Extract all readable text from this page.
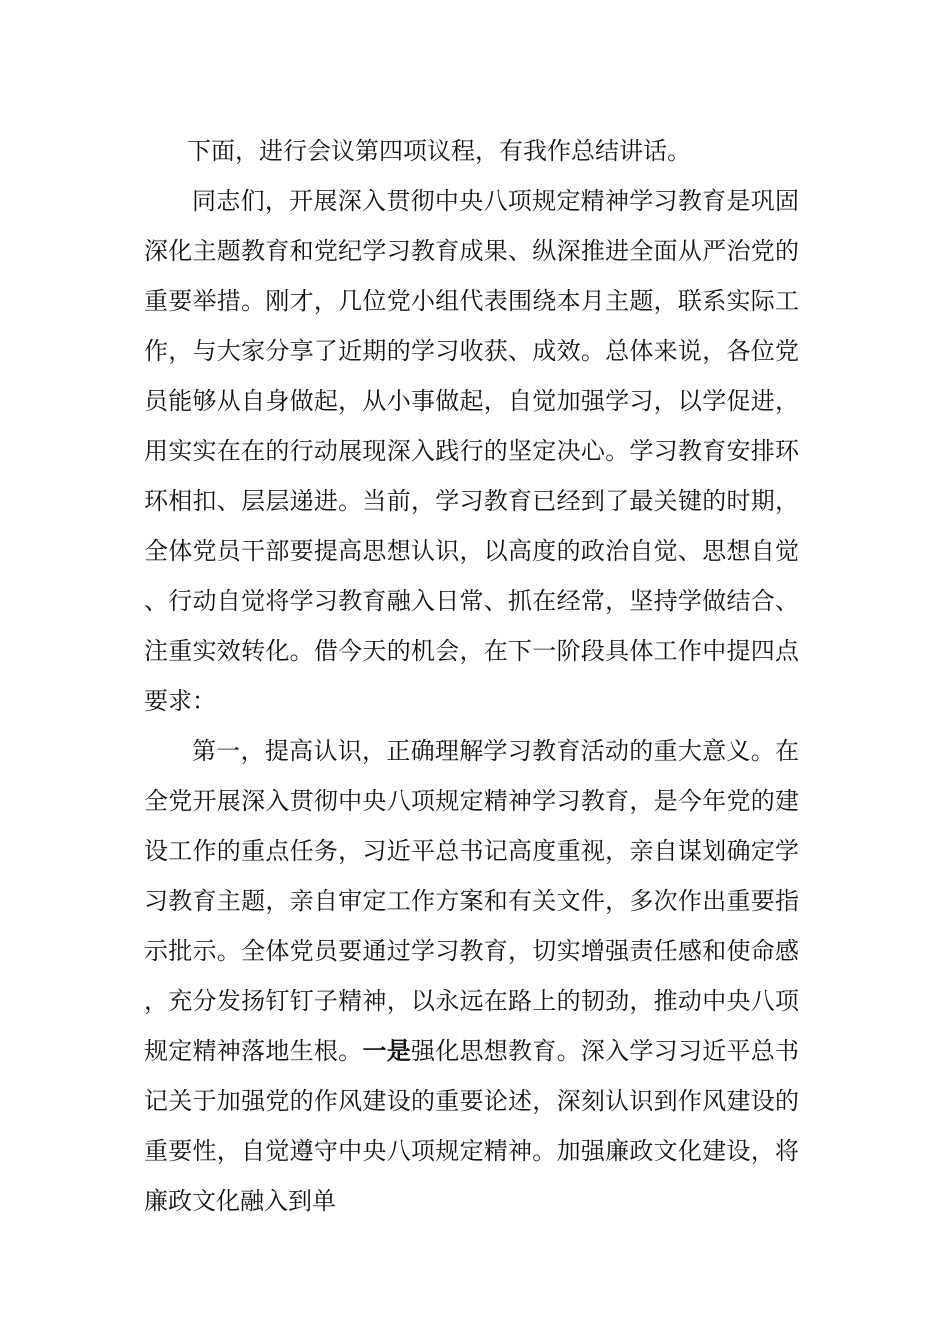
下面，进行会议第四项议程，有我作总结讲话。

同志们，开展深入贯彻中央八项规定精神学习教育是巩固深化主题教育和党纪学习教育成果、纵深推进全面从严治党的重要举措。刚才，几位党小组代表围绕本月主题，联系实际工作，与大家分享了近期的学习收获、成效。总体来说，各位党员能够从自身做起，从小事做起，自觉加强学习，以学促进，用实实在在的行动展现深入践行的坚定决心。学习教育安排环环相扣、层层递进。当前，学习教育已经到了最关键的时期，全体党员干部要提高思想认识，以高度的政治自觉、思想自觉、行动自觉将学习教育融入日常、抓在经常，坚持学做结合、注重实效转化。借今天的机会，在下一阶段具体工作中提四点要求：

第一，提高认识，正确理解学习教育活动的重大意义。在全党开展深入贯彻中央八项规定精神学习教育，是今年党的建设工作的重点任务，习近平总书记高度重视，亲自谋划确定学习教育主题，亲自审定工作方案和有关文件，多次作出重要指示批示。全体党员要通过学习教育，切实增强责任感和使命感，充分发扬钉钉子精神，以永远在路上的韧劲，推动中央八项规定精神落地生根。一是强化思想教育。深入学习习近平总书记关于加强党的作风建设的重要论述，深刻认识到作风建设的重要性，自觉遵守中央八项规定精神。加强廉政文化建设，将廉政文化融入到单
